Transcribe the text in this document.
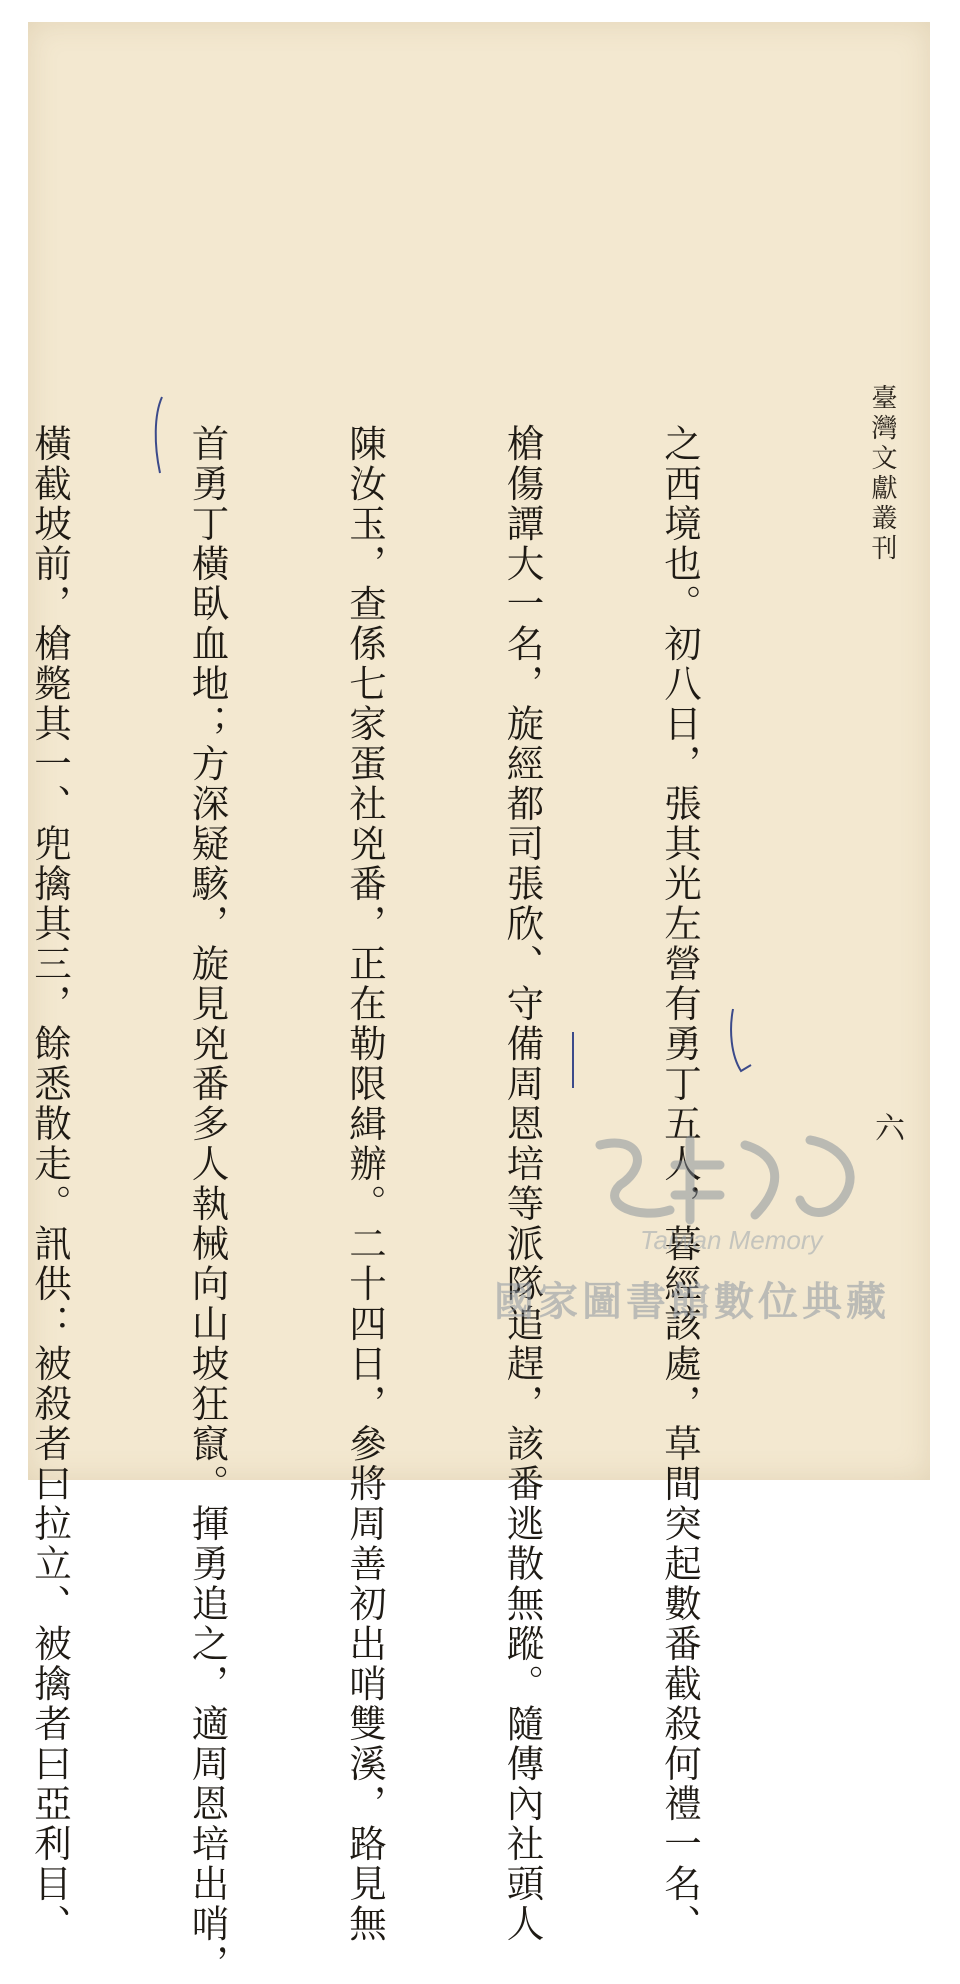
臺灣文獻叢刊
六

之西境也。初八日，張其光左營有勇丁五人，暮經該處，草間突起數番截殺何禮一名、

槍傷譚大一名，旋經都司張欣、守備周恩培等派隊追趕，該番逃散無蹤。隨傳內社頭人

陳汝玉，查係七家蛋社兇番，正在勒限緝辦。二十四日，參將周善初出哨雙溪，路見無

首勇丁橫臥血地；方深疑駭，旋見兇番多人執械向山坡狂竄。揮勇追之，適周恩培出哨，

橫截坡前，槍斃其一、兜擒其三，餘悉散走。訊供：被殺者曰拉立、被擒者曰亞利目、

	Taiwan Memory
國家圖書館數位典藏
